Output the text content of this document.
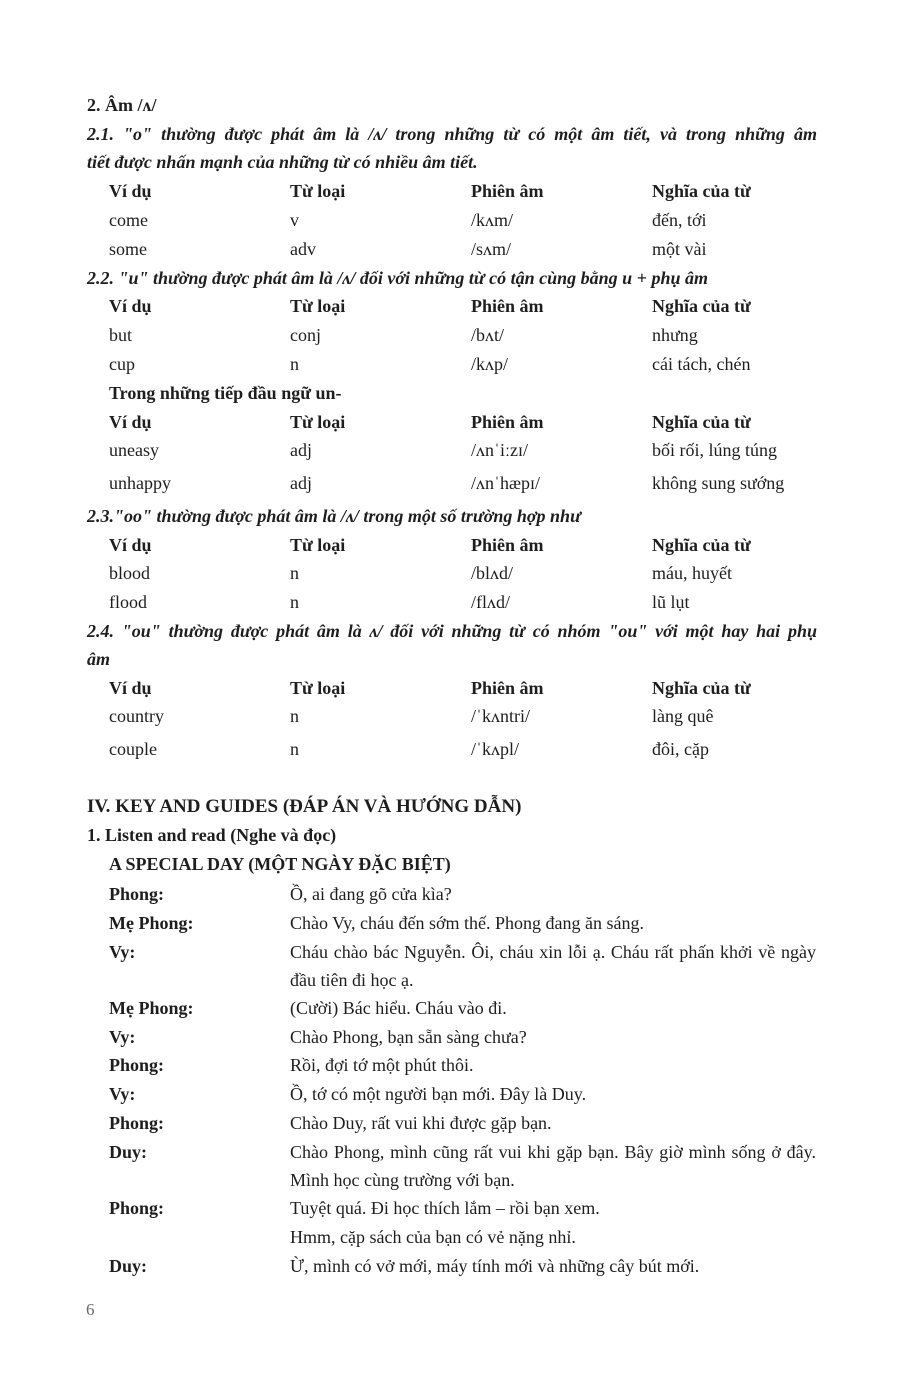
2. Âm /ʌ/
2.1. "o" thường được phát âm là /ʌ/ trong những từ có một âm tiết, và trong những âm
tiết được nhấn mạnh của những từ có nhiều âm tiết.
Ví dụ	Từ loại	Phiên âm	Nghĩa của từ
come	v	/kʌm/	đến, tới
some	adv	/sʌm/	một vài
2.2. "u" thường được phát âm là /ʌ/ đối với những từ có tận cùng bằng u + phụ âm
Ví dụ	Từ loại	Phiên âm	Nghĩa của từ
but	conj	/bʌt/	nhưng
cup	n	/kʌp/	cái tách, chén
Trong những tiếp đầu ngữ un-
Ví dụ	Từ loại	Phiên âm	Nghĩa của từ
uneasy	adj	/ʌnˈiːzɪ/	bối rối, lúng túng
unhappy	adj	/ʌnˈhæpɪ/	không sung sướng
2.3."oo" thường được phát âm là /ʌ/ trong một số trường hợp như
Ví dụ	Từ loại	Phiên âm	Nghĩa của từ
blood	n	/blʌd/	máu, huyết
flood	n	/flʌd/	lũ lụt
2.4. "ou" thường được phát âm là ʌ/ đối với những từ có nhóm "ou" với một hay hai phụ
âm
Ví dụ	Từ loại	Phiên âm	Nghĩa của từ
country	n	/ˈkʌntri/	làng quê
couple	n	/ˈkʌpl/	đôi, cặp
IV. KEY AND GUIDES (ĐÁP ÁN VÀ HƯỚNG DẪN)
1. Listen and read (Nghe và đọc)
A SPECIAL DAY (MỘT NGÀY ĐẶC BIỆT)
Phong:	Ồ, ai đang gõ cửa kìa?
Mẹ Phong:	Chào Vy, cháu đến sớm thế. Phong đang ăn sáng.
Vy:	Cháu chào bác Nguyễn. Ôi, cháu xin lỗi ạ. Cháu rất phấn khởi về ngày đầu tiên đi học ạ.
Mẹ Phong:	(Cười) Bác hiểu. Cháu vào đi.
Vy:	Chào Phong, bạn sẵn sàng chưa?
Phong:	Rồi, đợi tớ một phút thôi.
Vy:	Ồ, tớ có một người bạn mới. Đây là Duy.
Phong:	Chào Duy, rất vui khi được gặp bạn.
Duy:	Chào Phong, mình cũng rất vui khi gặp bạn. Bây giờ mình sống ở đây. Mình học cùng trường với bạn.
Phong:	Tuyệt quá. Đi học thích lắm – rồi bạn xem.
Hmm, cặp sách của bạn có vẻ nặng nhỉ.
Duy:	Ừ, mình có vở mới, máy tính mới và những cây bút mới.
6
